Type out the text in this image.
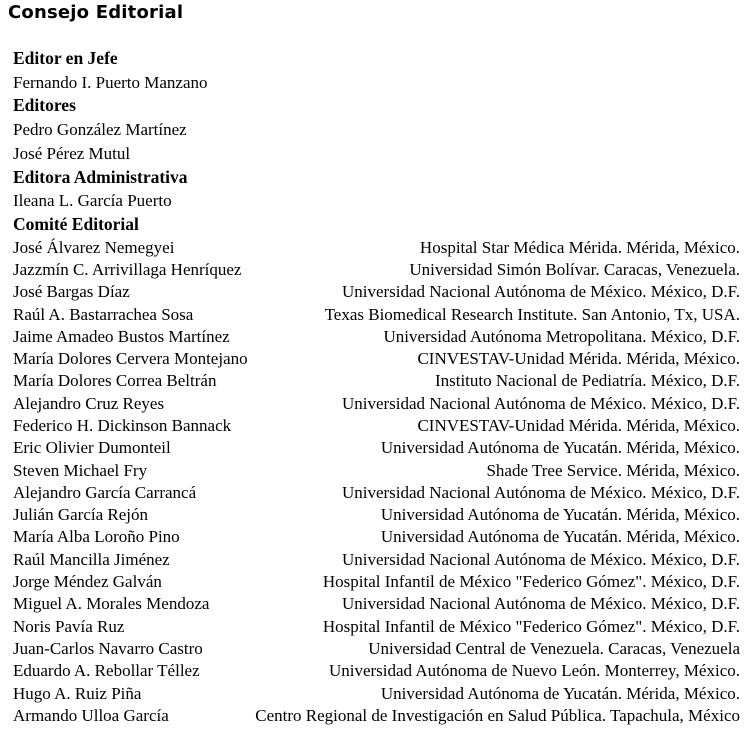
Consejo Editorial
Editor en Jefe
Fernando I. Puerto Manzano
Editores
Pedro González Martínez
José Pérez Mutul
Editora Administrativa
Ileana L. García Puerto
Comité Editorial
José Álvarez Nemegyei	Hospital Star Médica Mérida. Mérida, México.
Jazzmín C. Arrivillaga Henríquez	Universidad Simón Bolívar. Caracas, Venezuela.
José Bargas Díaz	Universidad Nacional Autónoma de México. México, D.F.
Raúl A. Bastarrachea Sosa	Texas Biomedical Research Institute. San Antonio, Tx, USA.
Jaime Amadeo Bustos Martínez	Universidad Autónoma Metropolitana. México, D.F.
María Dolores Cervera Montejano	CINVESTAV-Unidad Mérida. Mérida, México.
María Dolores Correa Beltrán	Instituto Nacional de Pediatría. México, D.F.
Alejandro Cruz Reyes	Universidad Nacional Autónoma de México. México, D.F.
Federico H. Dickinson Bannack	CINVESTAV-Unidad Mérida. Mérida, México.
Eric Olivier Dumonteil	Universidad Autónoma de Yucatán. Mérida, México.
Steven Michael Fry	Shade Tree Service. Mérida, México.
Alejandro García Carrancá	Universidad Nacional Autónoma de México. México, D.F.
Julián García Rejón	Universidad Autónoma de Yucatán. Mérida, México.
María Alba Loroño Pino	Universidad Autónoma de Yucatán. Mérida, México.
Raúl Mancilla Jiménez	Universidad Nacional Autónoma de México. México, D.F.
Jorge Méndez Galván	Hospital Infantil de México "Federico Gómez". México, D.F.
Miguel A. Morales Mendoza	Universidad Nacional Autónoma de México. México, D.F.
Noris Pavía Ruz	Hospital Infantil de México "Federico Gómez". México, D.F.
Juan-Carlos Navarro Castro	Universidad Central de Venezuela. Caracas, Venezuela
Eduardo A. Rebollar Téllez	Universidad Autónoma de Nuevo León. Monterrey, México.
Hugo A. Ruiz Piña	Universidad Autónoma de Yucatán. Mérida, México.
Armando Ulloa García	Centro Regional de Investigación en Salud Pública. Tapachula, México
